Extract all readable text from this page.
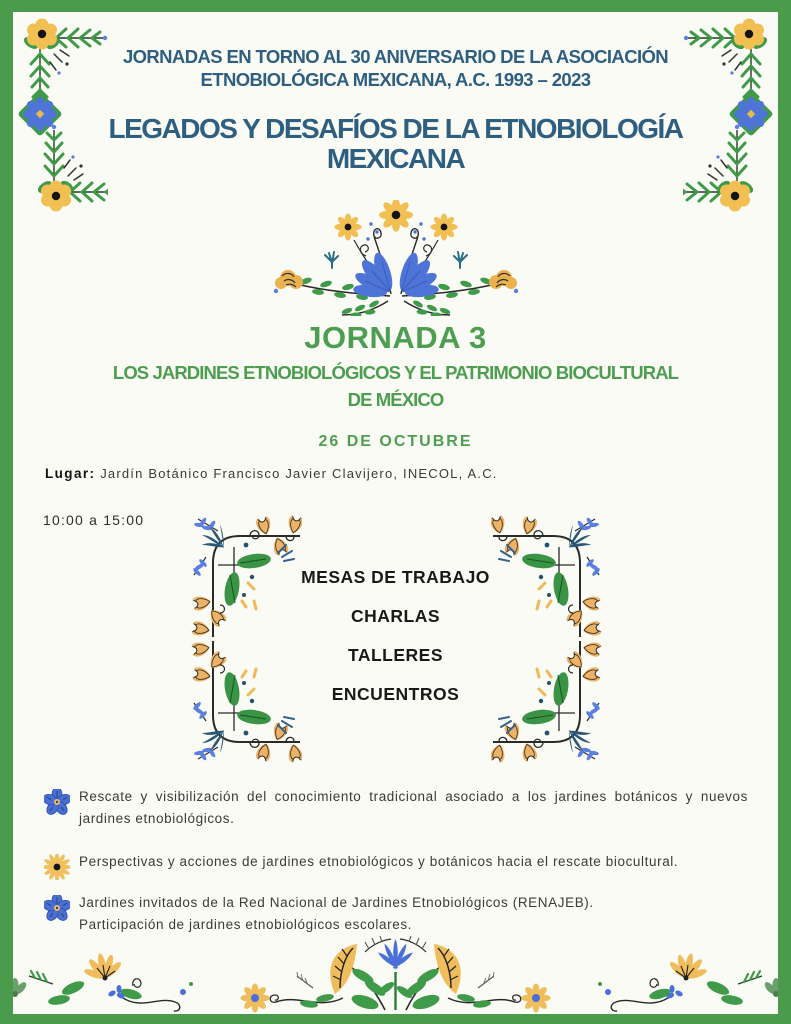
JORNADAS EN TORNO AL 30 ANIVERSARIO DE LA ASOCIACIÓN
ETNOBIOLÓGICA MEXICANA, A.C. 1993 – 2023
LEGADOS Y DESAFÍOS DE LA ETNOBIOLOGÍA
MEXICANA
JORNADA 3
LOS JARDINES ETNOBIOLÓGICOS Y EL PATRIMONIO BIOCULTURAL
DE MÉXICO
26 DE OCTUBRE
Lugar: Jardín Botánico Francisco Javier Clavijero, INECOL, A.C.
10:00 a 15:00
MESAS DE TRABAJO
CHARLAS
TALLERES
ENCUENTROS
Rescate y visibilización del conocimiento tradicional asociado a los jardines botánicos y nuevos jardines etnobiológicos.
Perspectivas y acciones de jardines etnobiológicos y botánicos hacia el rescate biocultural.
Jardines invitados de la Red Nacional de Jardines Etnobiológicos (RENAJEB).
Participación de jardines etnobiológicos escolares.
